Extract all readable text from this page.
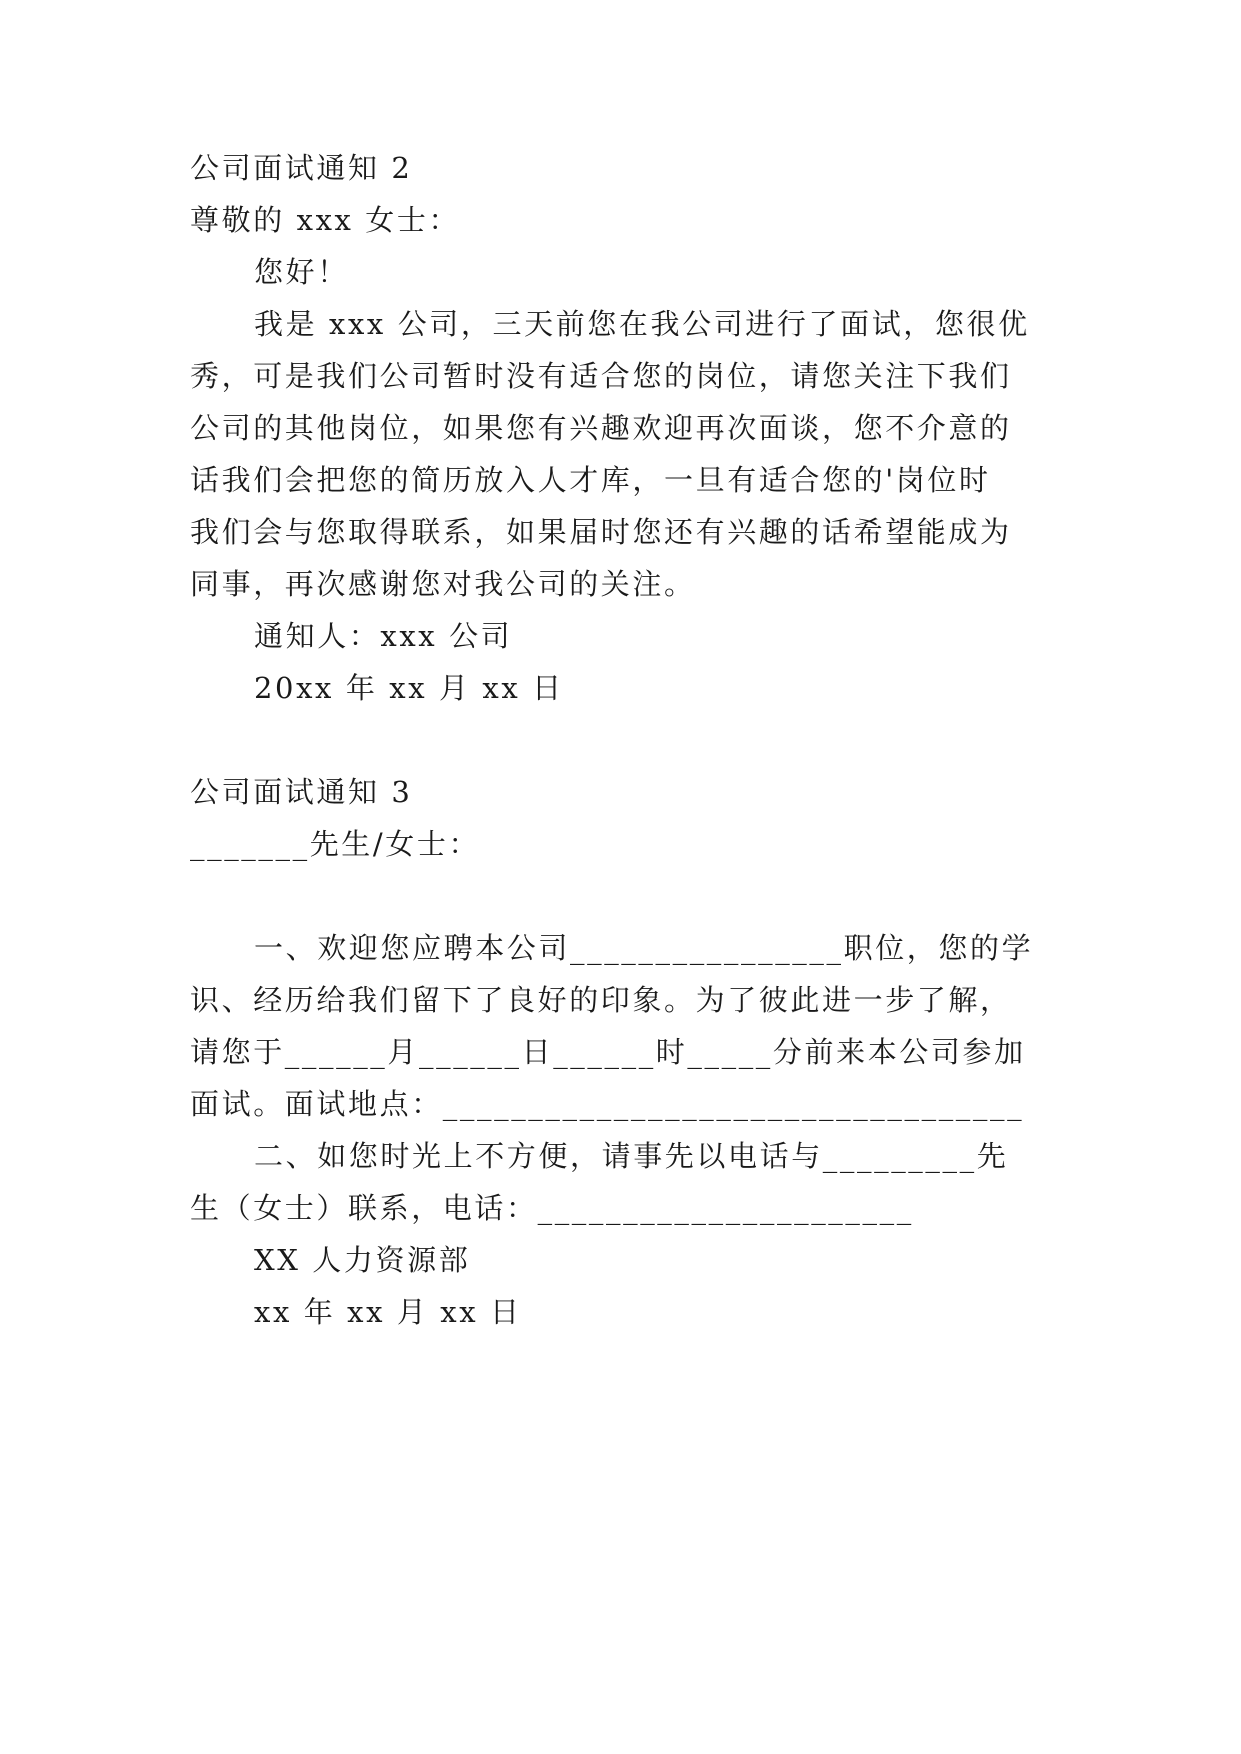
公司面试通知 2
尊敬的 xxx 女士：
您好！
我是 xxx 公司，三天前您在我公司进行了面试，您很优
秀，可是我们公司暂时没有适合您的岗位，请您关注下我们
公司的其他岗位，如果您有兴趣欢迎再次面谈，您不介意的
话我们会把您的简历放入人才库，一旦有适合您的'岗位时
我们会与您取得联系，如果届时您还有兴趣的话希望能成为
同事，再次感谢您对我公司的关注。
通知人：xxx 公司
20xx 年 xx 月 xx 日
公司面试通知 3
_______先生/女士：
一、欢迎您应聘本公司________________职位，您的学
识、经历给我们留下了良好的印象。为了彼此进一步了解，
请您于______月______日______时_____分前来本公司参加
面试。面试地点：__________________________________
二、如您时光上不方便，请事先以电话与_________先
生（女士）联系，电话：______________________
XX 人力资源部
xx 年 xx 月 xx 日
